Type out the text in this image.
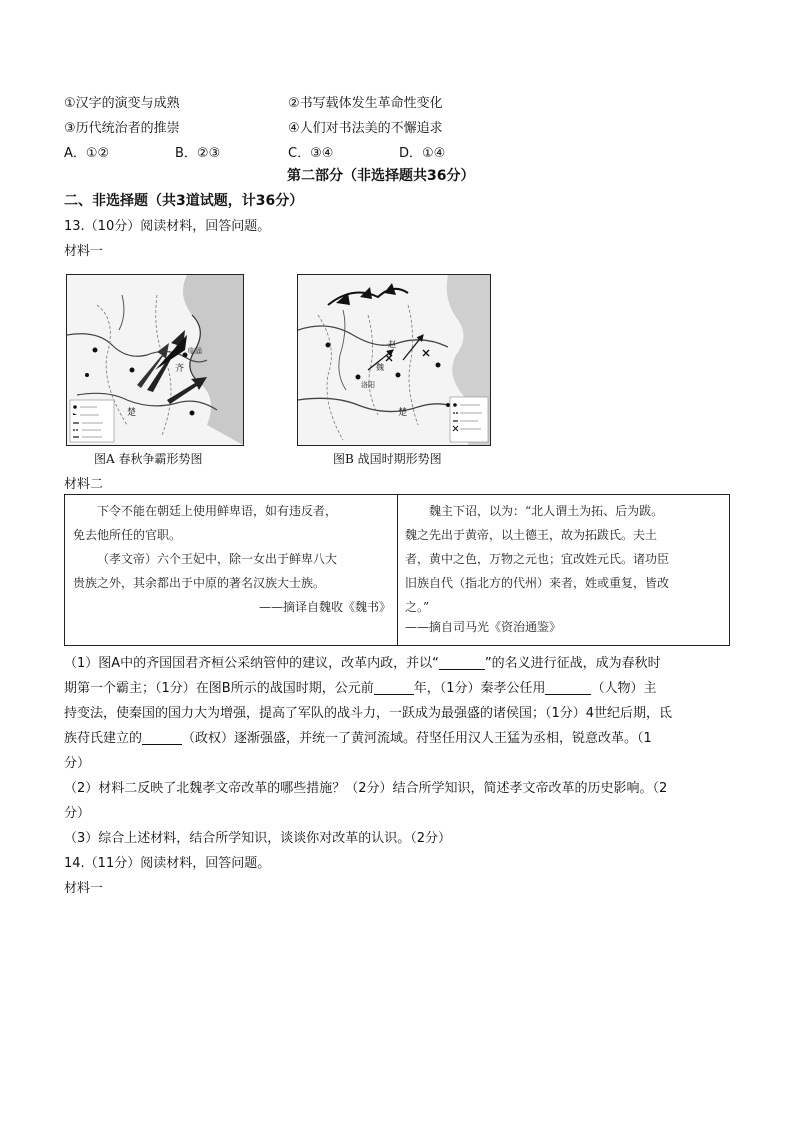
①汉字的演变与成熟	②书写载体发生革命性变化
③历代统治者的推崇	④人们对书法美的不懈追求
A．①②	B．②③	C．③④	D．①④
第二部分（非选择题共36分）
二、非选择题（共3道试题，计36分）
13.（10分）阅读材料，回答问题。
材料一
齐
楚
临淄
图A 春秋争霸形势图
赵
魏
洛阳
楚
图B 战国时期形势图
材料二

下令不能在朝廷上使用鲜卑语，如有违反者，

免去他所任的官职。

（孝文帝）六个王妃中，除一女出于鲜卑八大

贵族之外，其余都出于中原的著名汉族大士族。

——摘译自魏收《魏书》

魏主下诏，以为：“北人谓土为拓、后为跋。

魏之先出于黄帝，以土德王，故为拓跋氏。夫土

者，黄中之色，万物之元也；宜改姓元氏。诸功臣

旧族自代（指北方的代州）来者，姓或重复，皆改

之。”

——摘自司马光《资治通鉴》

（1）图A中的齐国国君齐桓公采纳管仲的建议，改革内政，并以“	”的名义进行征战，成为春秋时
期第一个霸主；（1分）在图B所示的战国时期，公元前	年，（1分）秦孝公任用	（人物）主
持变法，使秦国的国力大为增强，提高了军队的战斗力，一跃成为最强盛的诸侯国；（1分）4世纪后期，氐
族苻氏建立的	（政权）逐渐强盛，并统一了黄河流域。苻坚任用汉人王猛为丞相，锐意改革。（1
分）
（2）材料二反映了北魏孝文帝改革的哪些措施？（2分）结合所学知识，简述孝文帝改革的历史影响。（2
分）
（3）综合上述材料，结合所学知识，谈谈你对改革的认识。（2分）
14.（11分）阅读材料，回答问题。
材料一
